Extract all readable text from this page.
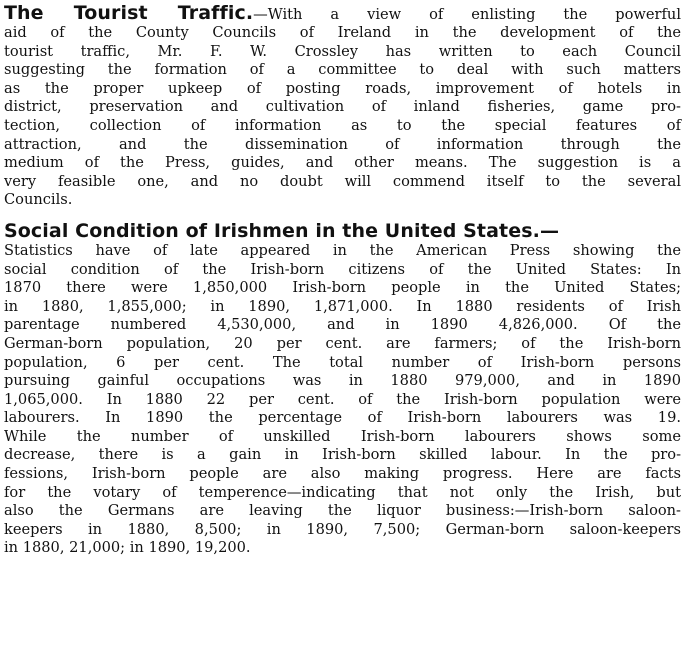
The Tourist Traffic.—With a view of enlisting the powerful
aid of the County Councils of Ireland in the development of the
tourist traffic, Mr. F. W. Crossley has written to each Council
suggesting the formation of a committee to deal with such matters
as the proper upkeep of posting roads, improvement of hotels in
district, preservation and cultivation of inland fisheries, game pro-
tection, collection of information as to the special features of
attraction, and the dissemination of information through the
medium of the Press, guides, and other means. The suggestion is a
very feasible one, and no doubt will commend itself to the several
Councils.
Social Condition of Irishmen in the United States.—
Statistics have of late appeared in the American Press showing the
social condition of the Irish-born citizens of the United States: In
1870 there were 1,850,000 Irish-born people in the United States;
in 1880, 1,855,000; in 1890, 1,871,000. In 1880 residents of Irish
parentage numbered 4,530,000, and in 1890 4,826,000. Of the
German-born population, 20 per cent. are farmers; of the Irish-born
population, 6 per cent. The total number of Irish-born persons
pursuing gainful occupations was in 1880 979,000, and in 1890
1,065,000. In 1880 22 per cent. of the Irish-born population were
labourers. In 1890 the percentage of Irish-born labourers was 19.
While the number of unskilled Irish-born labourers shows some
decrease, there is a gain in Irish-born skilled labour. In the pro-
fessions, Irish-born people are also making progress. Here are facts
for the votary of temperence—indicating that not only the Irish, but
also the Germans are leaving the liquor business:—Irish-born saloon-
keepers in 1880, 8,500; in 1890, 7,500; German-born saloon-keepers
in 1880, 21,000; in 1890, 19,200.
